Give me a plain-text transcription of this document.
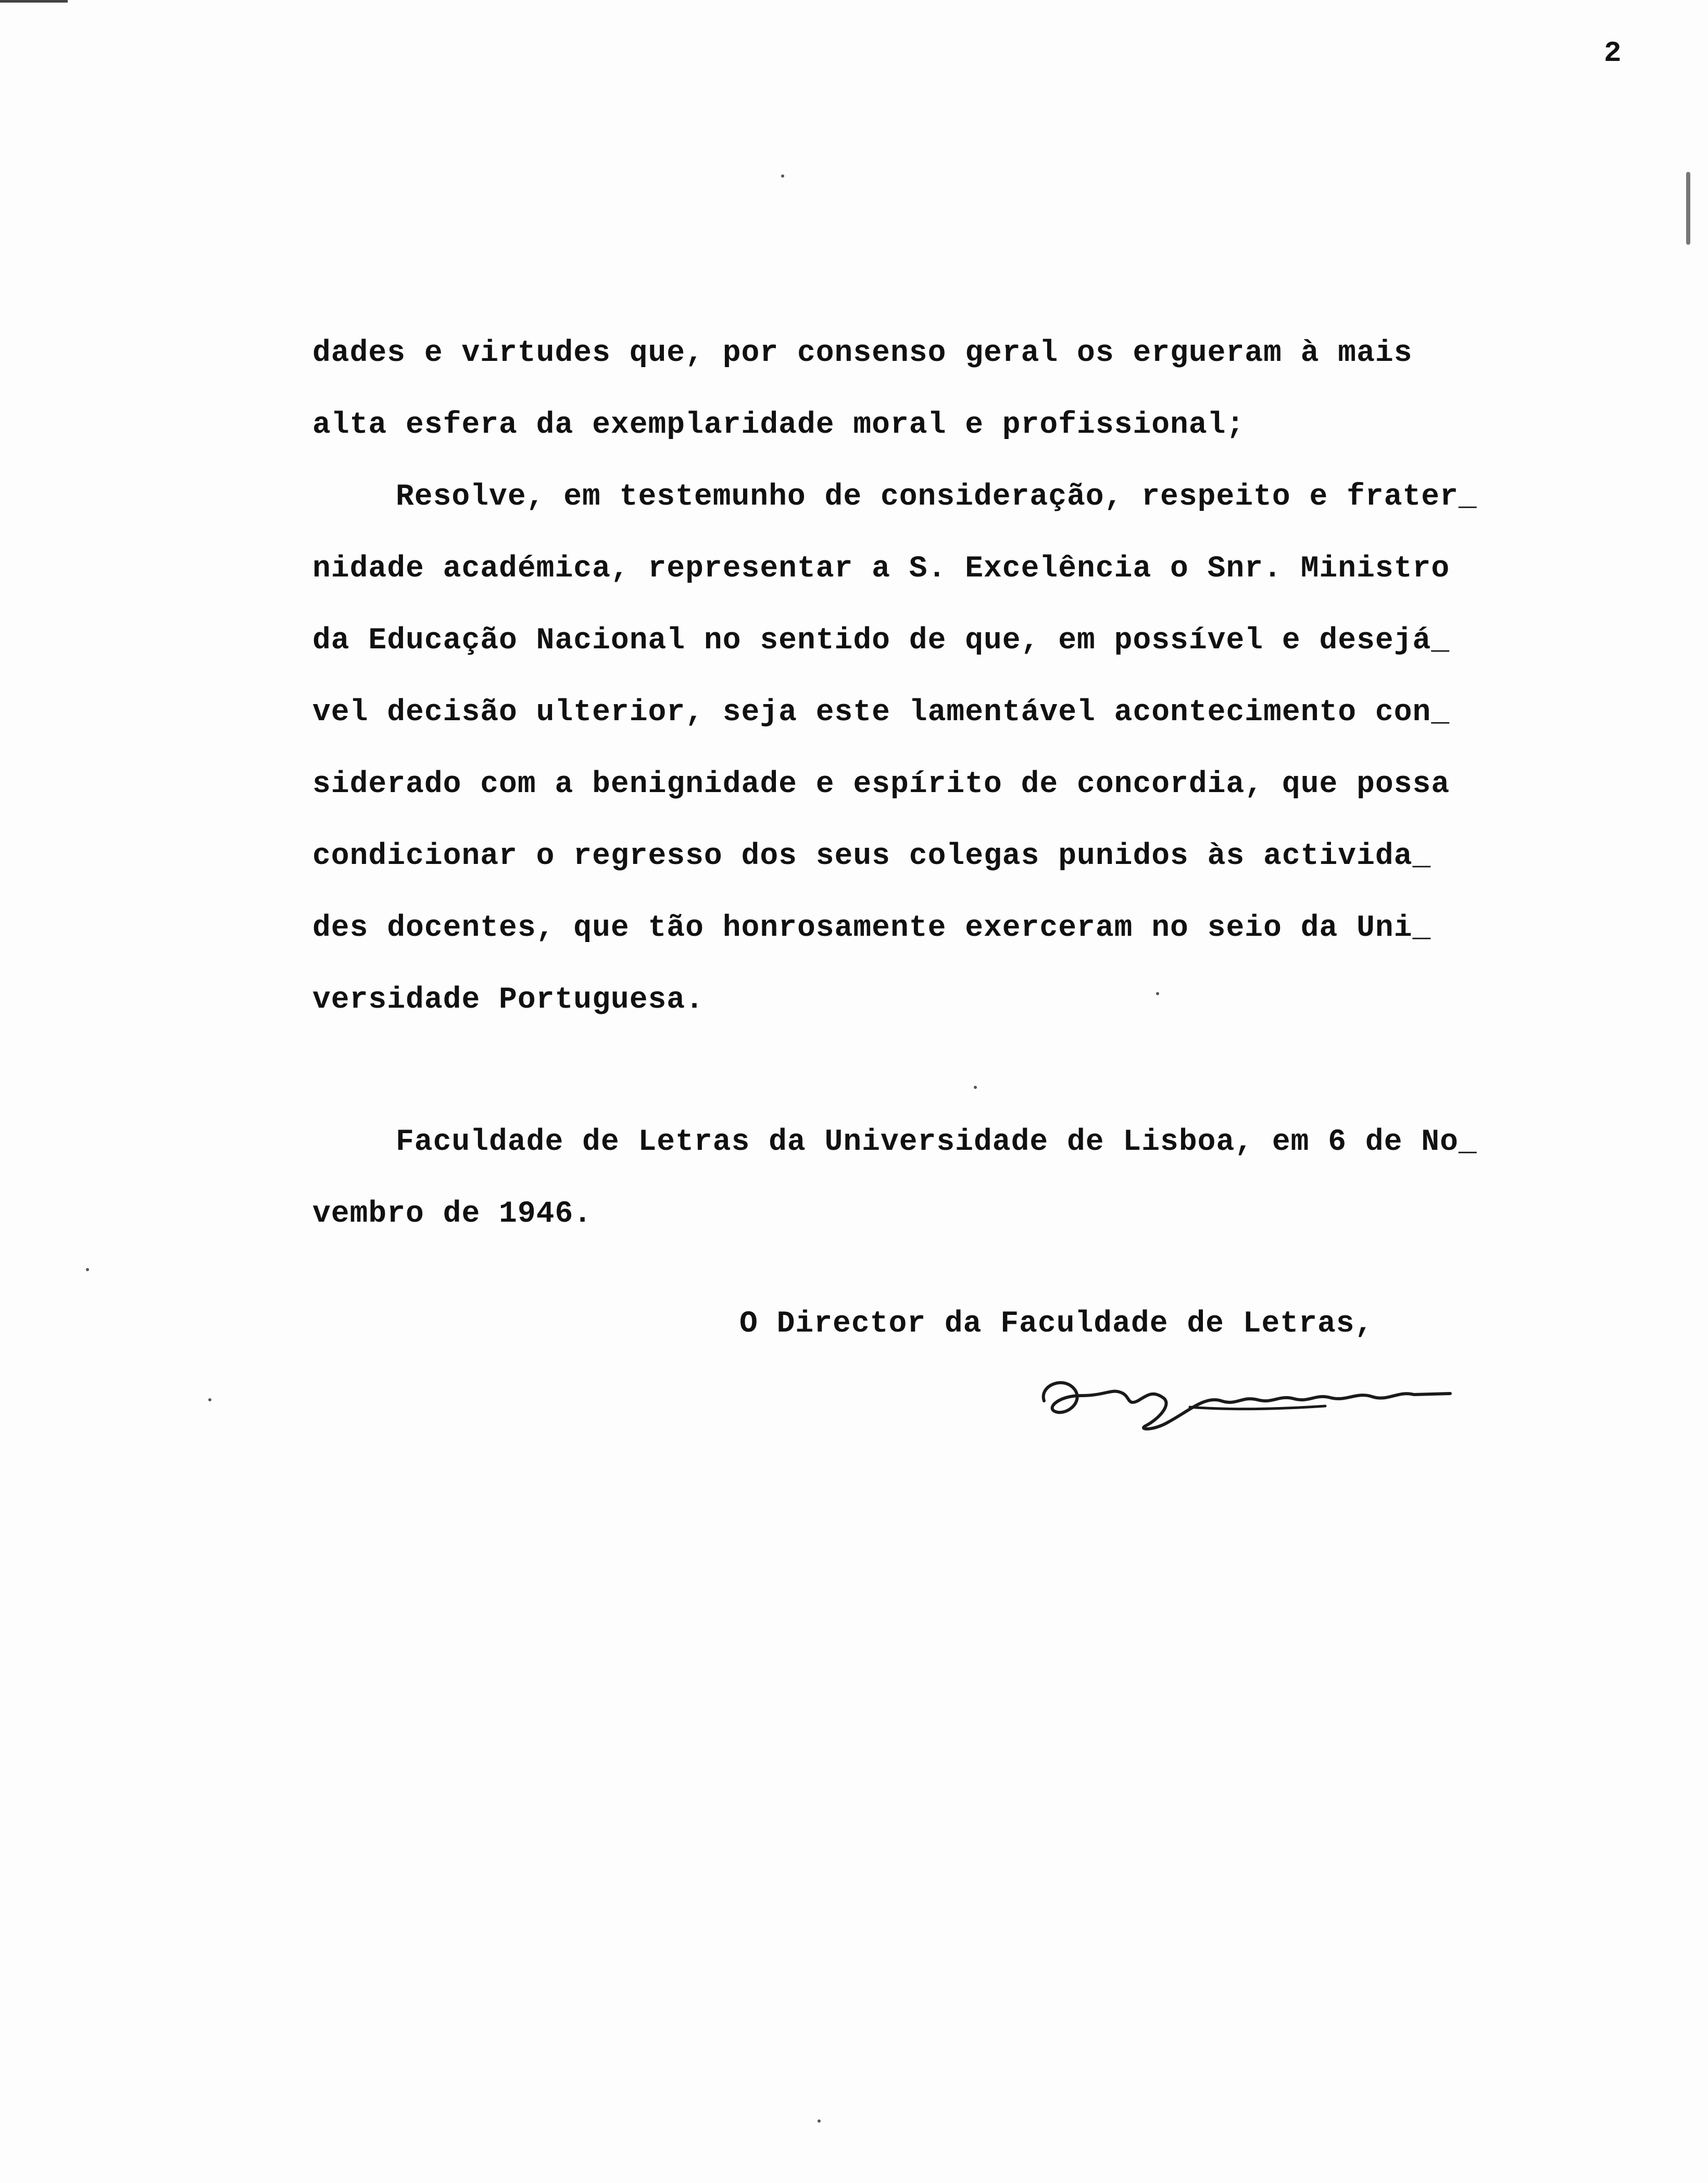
2
dades e virtudes que, por consenso geral os ergueram à mais
alta esfera da exemplaridade moral e profissional;
Resolve, em testemunho de consideração, respeito e frater_
nidade académica, representar a S. Excelência o Snr. Ministro
da Educação Nacional no sentido de que, em possível e desejá_
vel decisão ulterior, seja este lamentável acontecimento con_
siderado com a benignidade e espírito de concordia, que possa
condicionar o regresso dos seus colegas punidos às activida_
des docentes, que tão honrosamente exerceram no seio da Uni_
versidade Portuguesa.
Faculdade de Letras da Universidade de Lisboa, em 6 de No_
vembro de 1946.
O Director da Faculdade de Letras,
